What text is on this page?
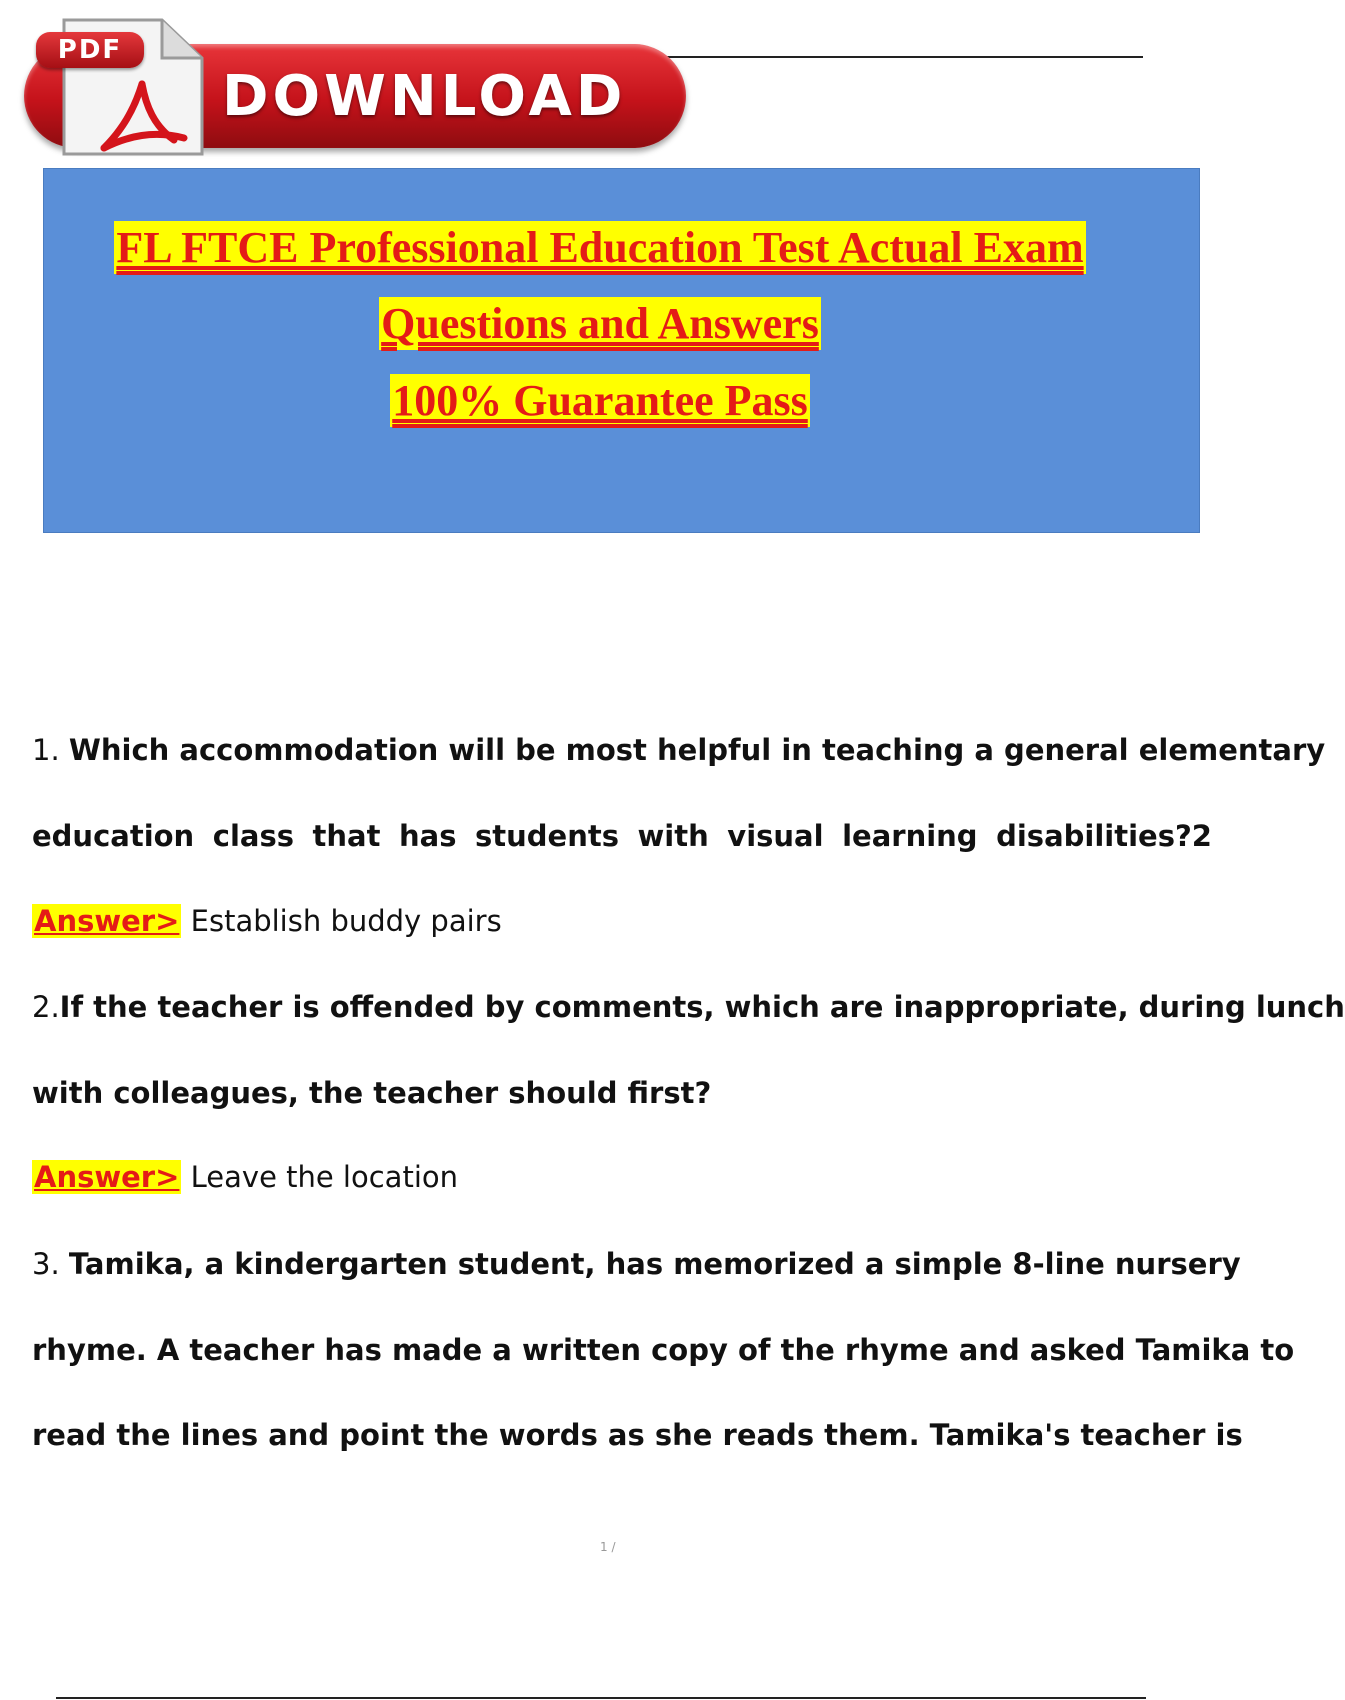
DOWNLOAD
PDF
FL FTCE Professional Education Test Actual Exam
Questions and Answers
100% Guarantee Pass
1. Which accommodation will be most helpful in teaching a general elementary
education class that has students with visual learning disabilities?2
Answer> Establish buddy pairs
2.If the teacher is offended by comments, which are inappropriate, during lunch
with colleagues, the teacher should first?
Answer> Leave the location
3. Tamika, a kindergarten student, has memorized a simple 8-line nursery
rhyme. A teacher has made a written copy of the rhyme and asked Tamika to
read the lines and point the words as she reads them. Tamika's teacher is
1 /
